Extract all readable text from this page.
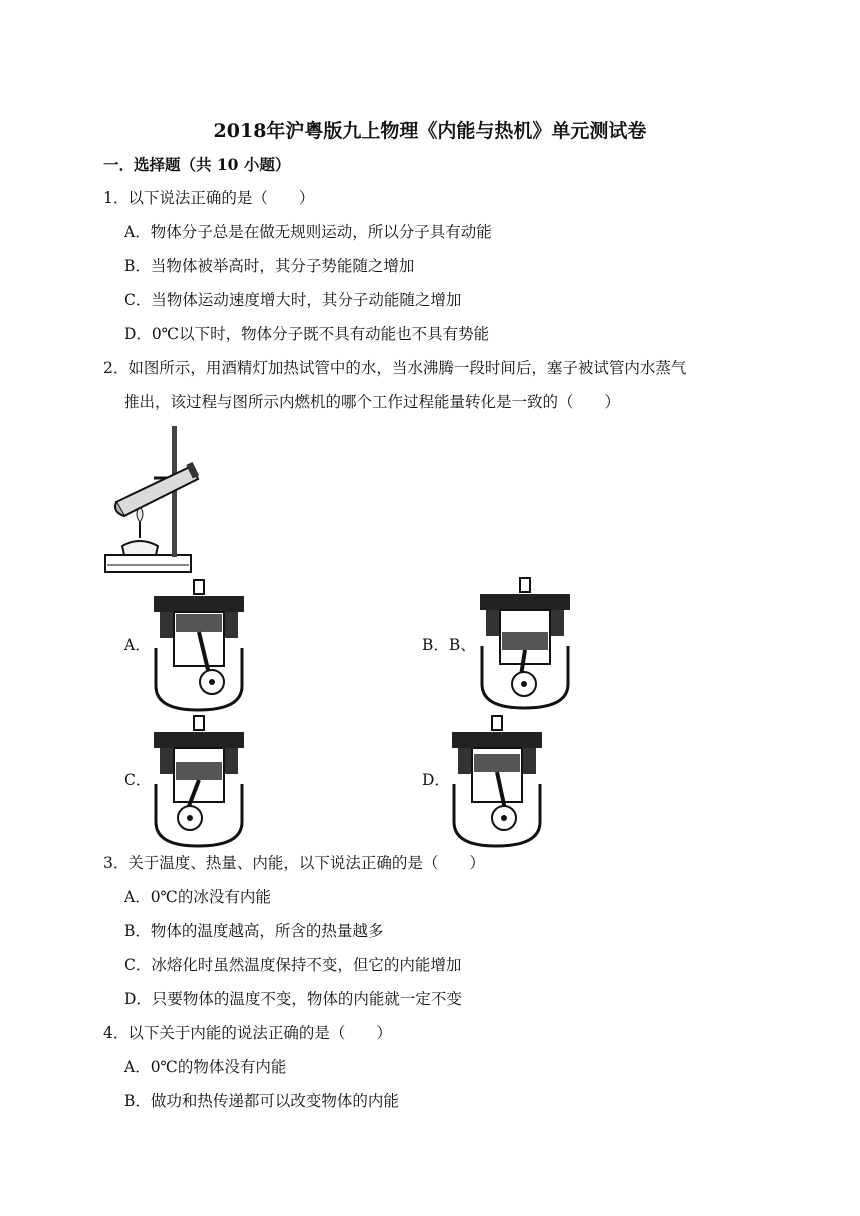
2018年沪粤版九上物理《内能与热机》单元测试卷
一．选择题（共 10 小题）
1．以下说法正确的是（　　）
A．物体分子总是在做无规则运动，所以分子具有动能
B．当物体被举高时，其分子势能随之增加
C．当物体运动速度增大时，其分子动能随之增加
D．0℃以下时，物体分子既不具有动能也不具有势能
2．如图所示，用酒精灯加热试管中的水，当水沸腾一段时间后，塞子被试管内水蒸气
推出，该过程与图所示内燃机的哪个工作过程能量转化是一致的（　　）
A．	B．B、
C．	D．
3．关于温度、热量、内能，以下说法正确的是（　　）
A．0℃的冰没有内能
B．物体的温度越高，所含的热量越多
C．冰熔化时虽然温度保持不变，但它的内能增加
D．只要物体的温度不变，物体的内能就一定不变
4．以下关于内能的说法正确的是（　　）
A．0℃的物体没有内能
B．做功和热传递都可以改变物体的内能
